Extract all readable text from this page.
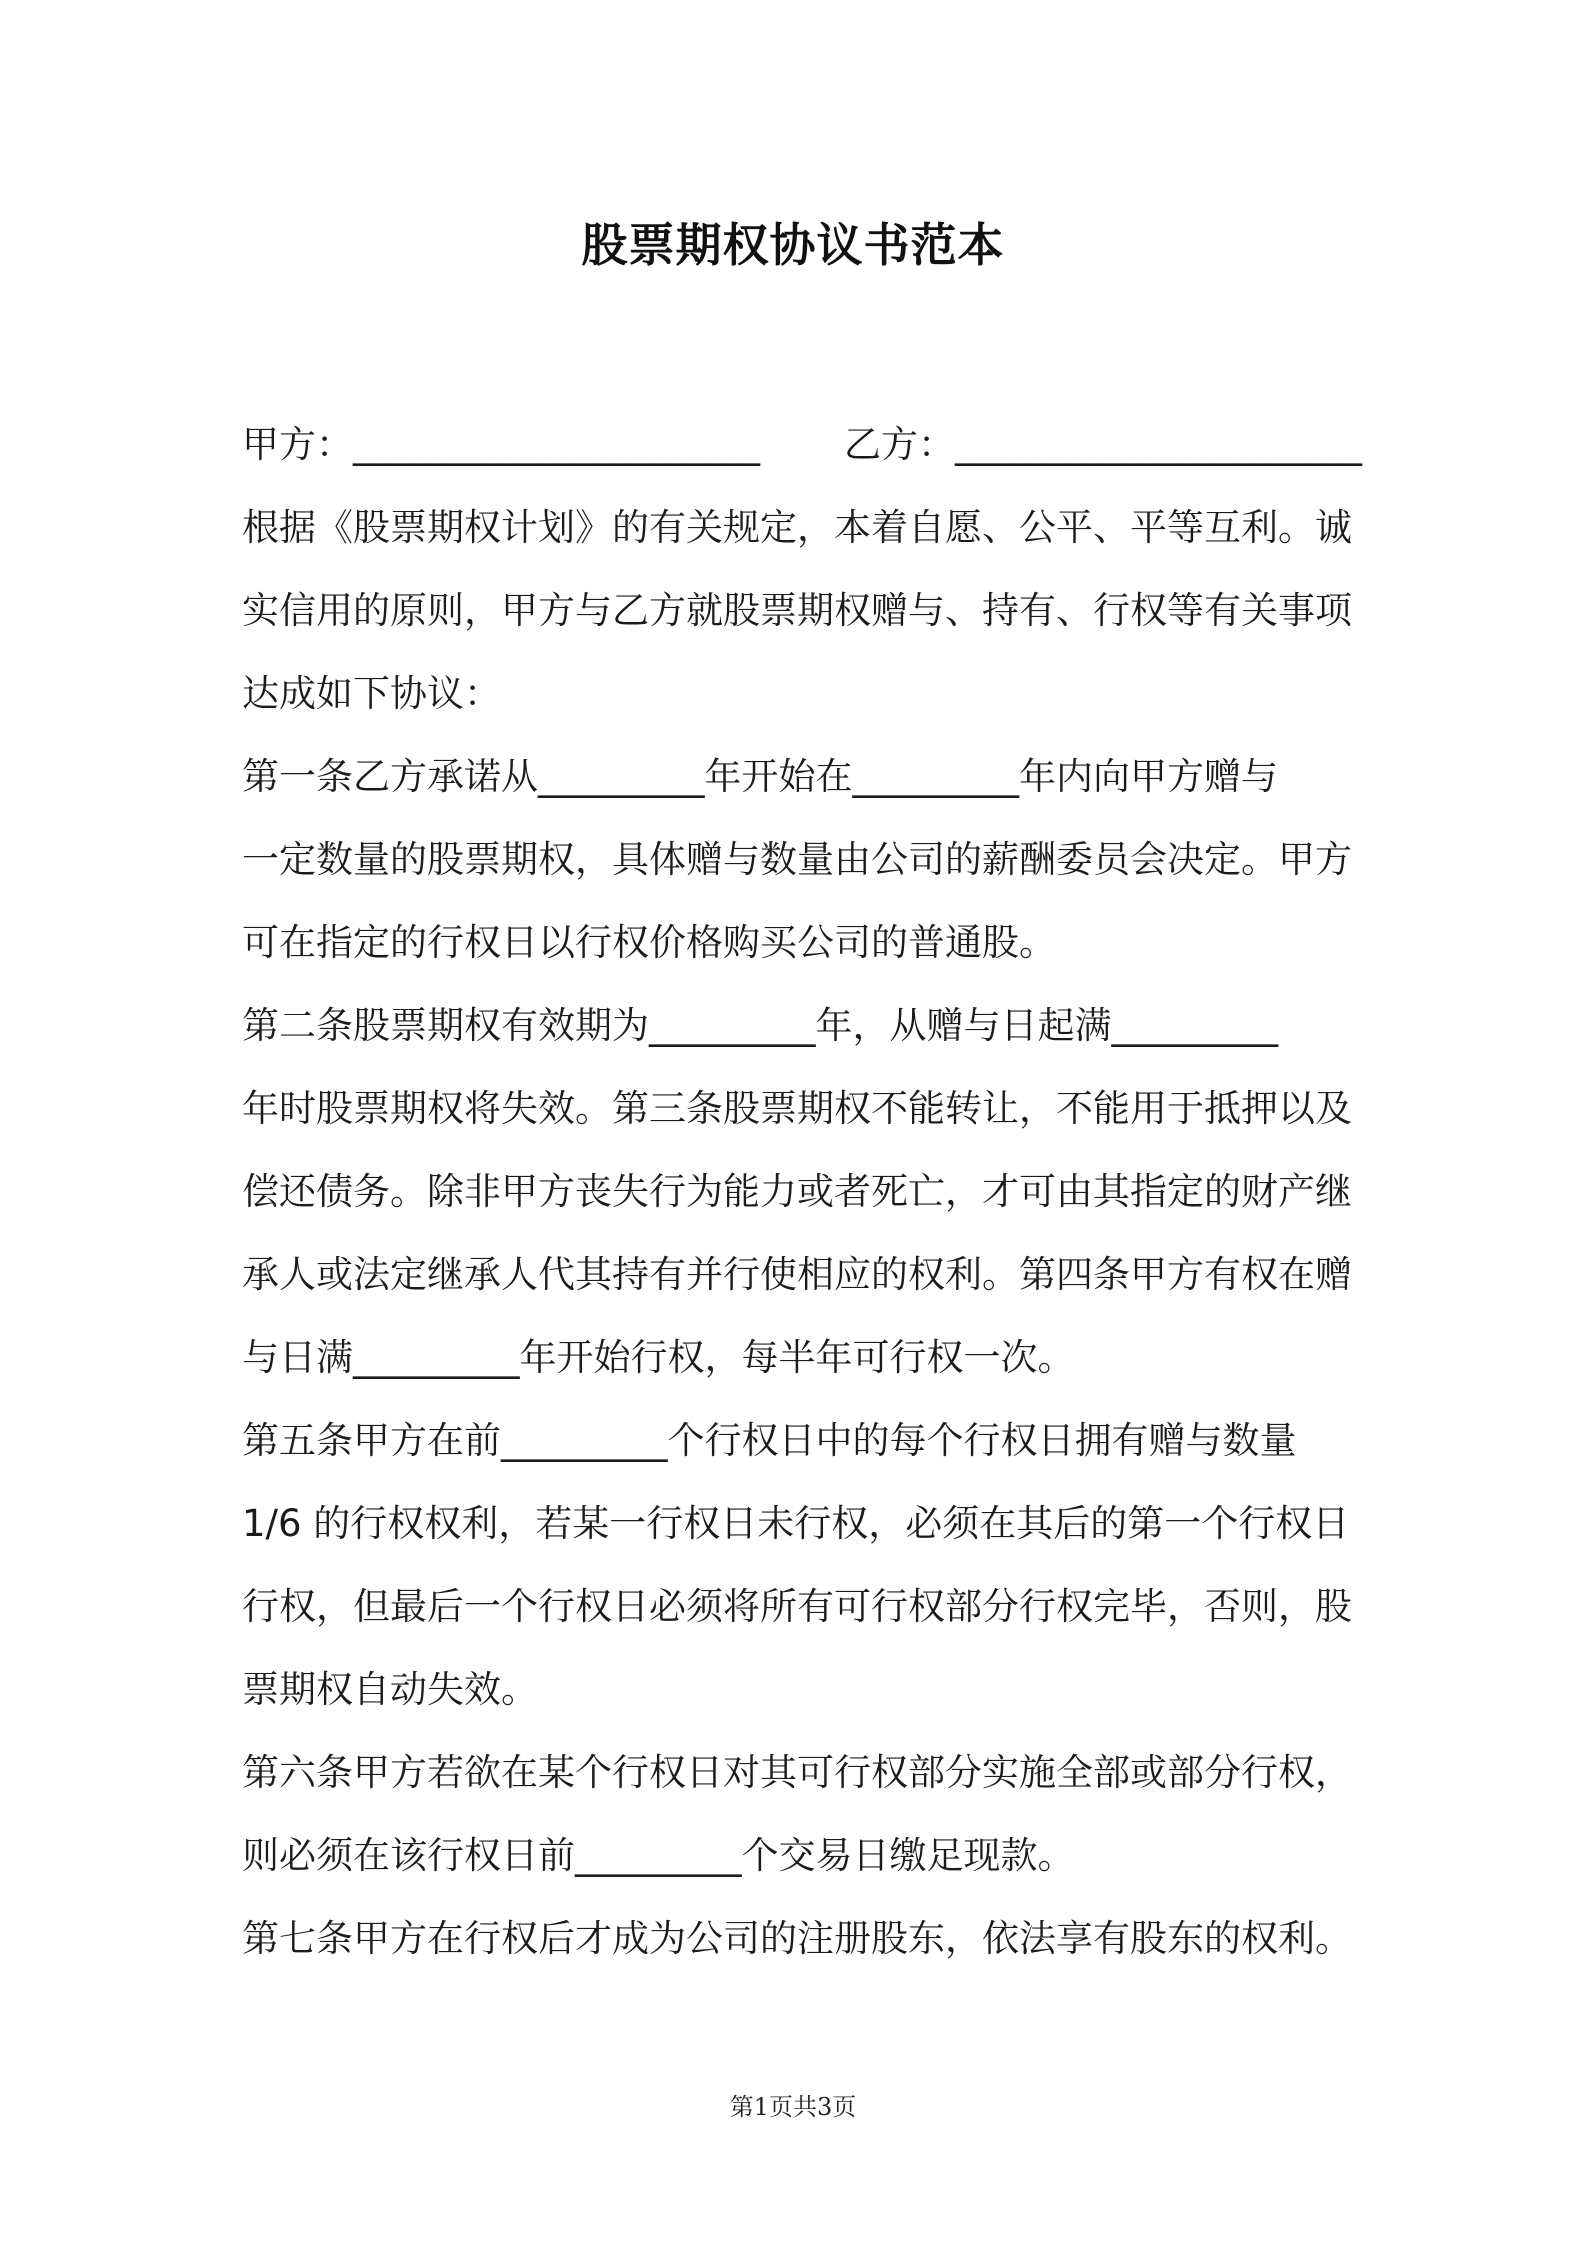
股票期权协议书范本
甲方：______________________ 乙方：______________________
根据《股票期权计划》的有关规定，本着自愿、公平、平等互利。诚
实信用的原则，甲方与乙方就股票期权赠与、持有、行权等有关事项
达成如下协议：
第一条乙方承诺从_________年开始在_________年内向甲方赠与
一定数量的股票期权，具体赠与数量由公司的薪酬委员会决定。甲方
可在指定的行权日以行权价格购买公司的普通股。
第二条股票期权有效期为_________年，从赠与日起满_________
年时股票期权将失效。第三条股票期权不能转让，不能用于抵押以及
偿还债务。除非甲方丧失行为能力或者死亡，才可由其指定的财产继
承人或法定继承人代其持有并行使相应的权利。第四条甲方有权在赠
与日满_________年开始行权，每半年可行权一次。
第五条甲方在前_________个行权日中的每个行权日拥有赠与数量
1/6 的行权权利，若某一行权日未行权，必须在其后的第一个行权日
行权，但最后一个行权日必须将所有可行权部分行权完毕，否则，股
票期权自动失效。
第六条甲方若欲在某个行权日对其可行权部分实施全部或部分行权，
则必须在该行权日前_________个交易日缴足现款。
第七条甲方在行权后才成为公司的注册股东，依法享有股东的权利。
第1页共3页
